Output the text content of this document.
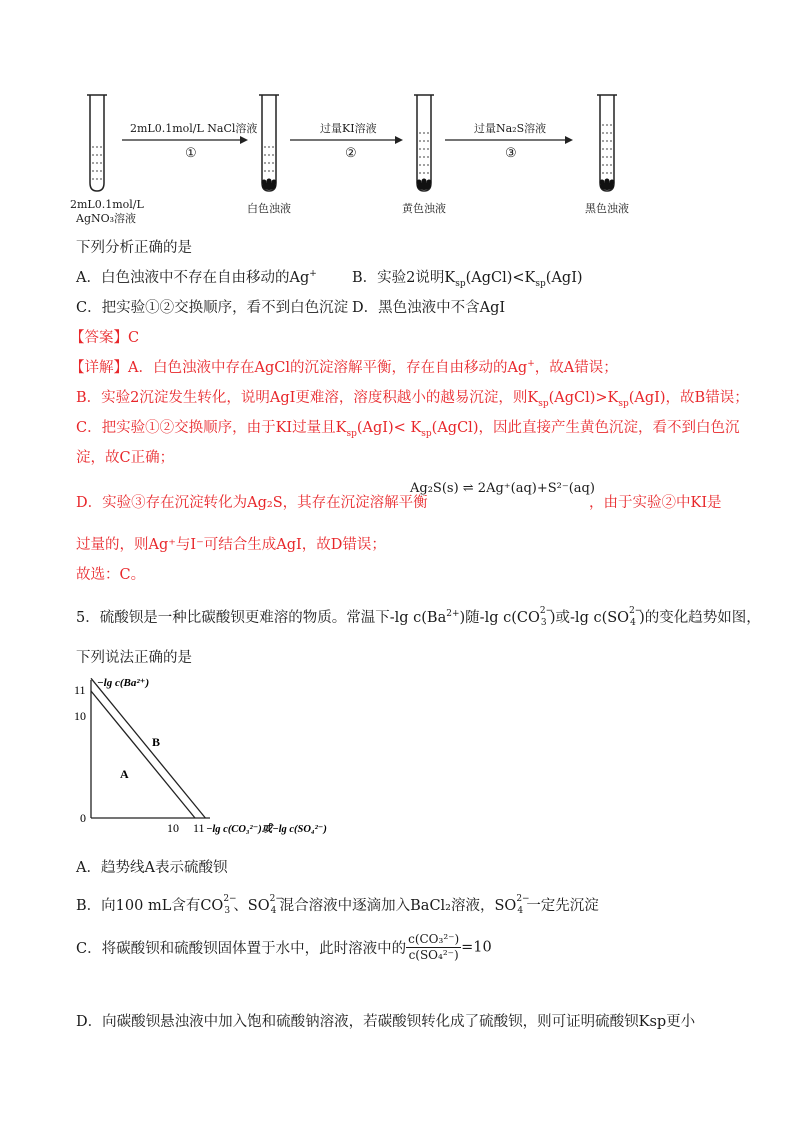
2mL0.1mol/L NaCl溶液
①
过量KI溶液
②
过量Na₂S溶液
③
2mL0.1mol/L
AgNO₃溶液
白色浊液	黄色浊液	黑色浊液
下列分析正确的是
A．白色浊液中不存在自由移动的Ag+ B．实验2说明$K_{sp}(AgCl)<K_{sp}(AgI)$
C．把实验①②交换顺序，看不到白色沉淀 D．黑色浊液中不含AgI
【答案】C
【详解】A．白色浊液中存在AgCl的沉淀溶解平衡，存在自由移动的Ag+，故A错误；
B．实验2沉淀发生转化，说明AgI更难溶，溶度积越小的越易沉淀，则$K_{sp}(AgCl)>K_{sp}(AgI)$，故B错误；
C．把实验①②交换顺序，由于KI过量且$K_{sp}(AgI)<$ $K_{sp}(AgCl)$，因此直接产生黄色沉淀，看不到白色沉
淀，故C正确；
D．实验③存在沉淀转化为Ag₂S，其存在沉淀溶解平衡
Ag₂S(s) ⇌ 2Ag⁺(aq)+S²⁻(aq)
，由于实验②中KI是
过量的，则Ag⁺与I⁻可结合生成AgI，故D错误；
故选：C。
5．硫酸钡是一种比碳酸钡更难溶的物质。常温下-lg $c(Ba^{2+})$随-lg c(CO 2−
3 )或-lg c(SO 2−
4 )的变化趋势如图，
下列说法正确的是
−lg c(Ba²⁺)
11
10
0
10 11 −lg c(CO₃²⁻)或−lg c(SO₄²⁻)
A
B
A．趋势线A表示硫酸钡
B．向100 mL含有CO 2−
3 、SO 2−
4 混合溶液中逐滴加入BaCl₂溶液，SO 2−
4 一定先沉淀
C．将碳酸钡和硫酸钡固体置于水中，此时溶液中的 $\frac{\text{c(CO₃²⁻)}}{\text{c(SO₄²⁻)}} =10$
D．向碳酸钡悬浊液中加入饱和硫酸钠溶液，若碳酸钡转化成了硫酸钡，则可证明硫酸钡Ksp更小
